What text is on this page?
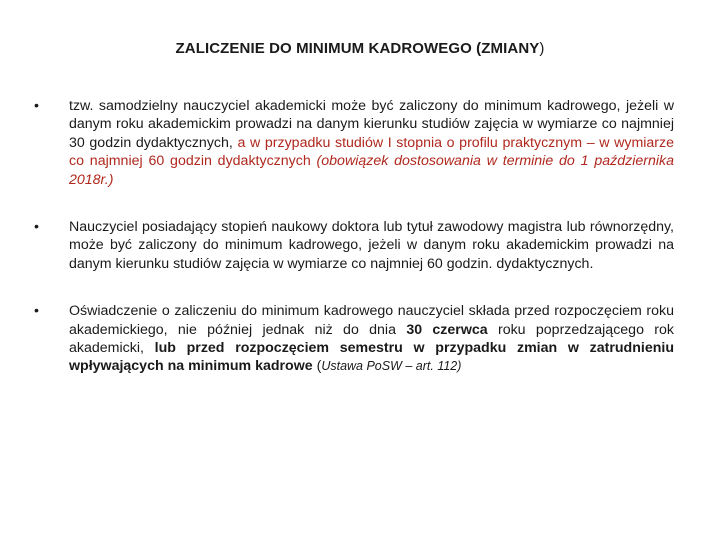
ZALICZENIE DO MINIMUM KADROWEGO (ZMIANY)
• tzw. samodzielny nauczyciel akademicki może być zaliczony do minimum kadrowego, jeżeli w danym roku akademickim prowadzi na danym kierunku studiów zajęcia w wymiarze co najmniej 30 godzin dydaktycznych, a w przypadku studiów I stopnia o profilu praktycznym – w wymiarze co najmniej 60 godzin dydaktycznych (obowiązek dostosowania w terminie do 1 października 2018r.)
• Nauczyciel posiadający stopień naukowy doktora lub tytuł zawodowy magistra lub równorzędny, może być zaliczony do minimum kadrowego, jeżeli w danym roku akademickim prowadzi na danym kierunku studiów zajęcia w wymiarze co najmniej 60 godzin. dydaktycznych.
• Oświadczenie o zaliczeniu do minimum kadrowego nauczyciel składa przed rozpoczęciem roku akademickiego, nie później jednak niż do dnia 30 czerwca roku poprzedzającego rok akademicki, lub przed rozpoczęciem semestru w przypadku zmian w zatrudnieniu wpływających na minimum kadrowe (Ustawa PoSW – art. 112)
